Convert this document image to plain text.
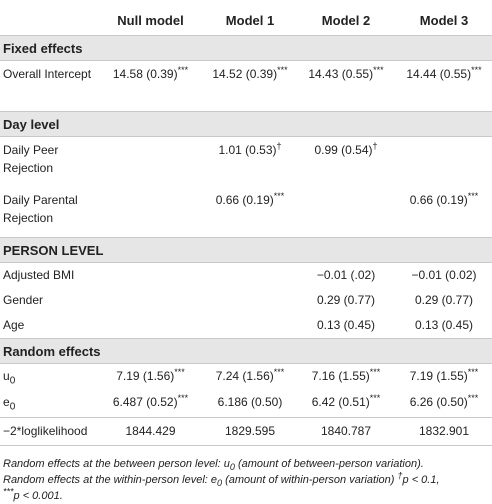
	Null model	Model 1	Model 2	Model 3
Fixed effects				
Overall Intercept	14.58 (0.39)***	14.52 (0.39)***	14.43 (0.55)***	14.44 (0.55)***
Day level				
Daily Peer Rejection		1.01 (0.53)†	0.99 (0.54)†	
Daily Parental Rejection		0.66 (0.19)***		0.66 (0.19)***
PERSON LEVEL				
Adjusted BMI			−0.01 (.02)	−0.01 (0.02)
Gender			0.29 (0.77)	0.29 (0.77)
Age			0.13 (0.45)	0.13 (0.45)
Random effects				
$u_0$	7.19 (1.56)***	7.24 (1.56)***	7.16 (1.55)***	7.19 (1.55)***
$e_0$	6.487 (0.52)***	6.186 (0.50)	6.42 (0.51)***	6.26 (0.50)***
−2*loglikelihood	1844.429	1829.595	1840.787	1832.901
Random effects at the between person level: $u_0$ (amount of between-person variation).
Random effects at the within-person level: $e_0$ (amount of within-person variation) †p < 0.1,
***p < 0.001.
